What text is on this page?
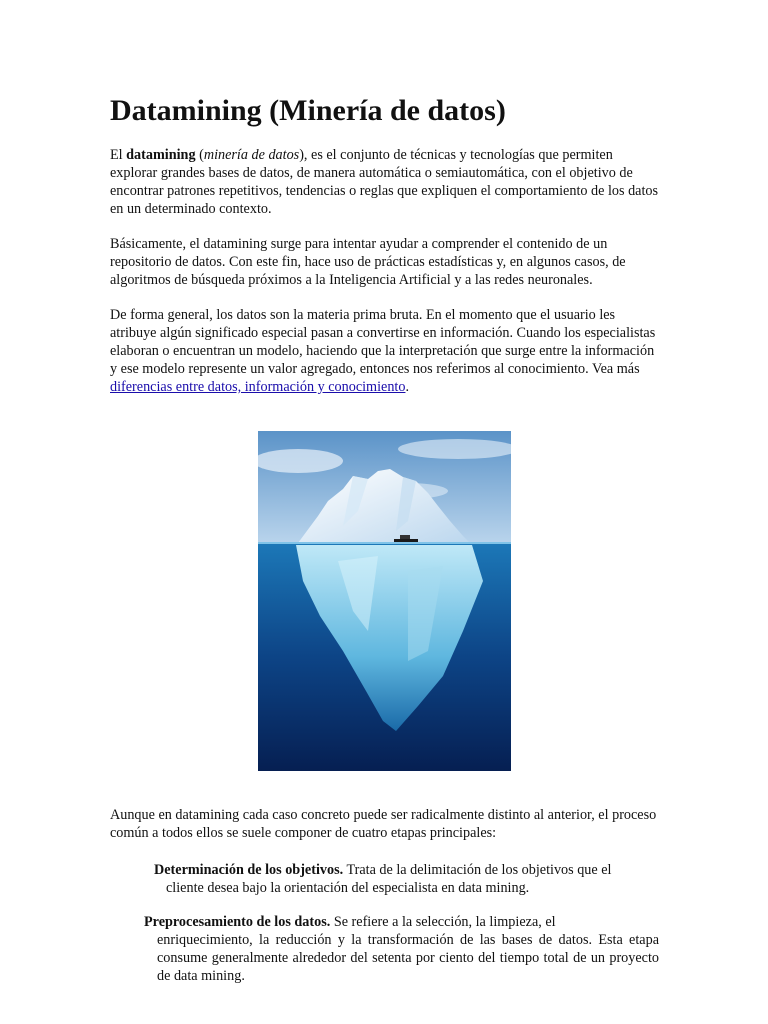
Datamining (Minería de datos)

El datamining (minería de datos), es el conjunto de técnicas y tecnologías que permiten explorar grandes bases de datos, de manera automática o semiautomática, con el objetivo de encontrar patrones repetitivos, tendencias o reglas que expliquen el comportamiento de los datos en un determinado contexto.

Básicamente, el datamining surge para intentar ayudar a comprender el contenido de un repositorio de datos. Con este fin, hace uso de prácticas estadísticas y, en algunos casos, de algoritmos de búsqueda próximos a la Inteligencia Artificial y a las redes neuronales.

De forma general, los datos son la materia prima bruta. En el momento que el usuario les atribuye algún significado especial pasan a convertirse en información. Cuando los especialistas elaboran o encuentran un modelo, haciendo que la interpretación que surge entre la información y ese modelo represente un valor agregado, entonces nos referimos al conocimiento. Vea más diferencias entre datos, información y conocimiento.

Aunque en datamining cada caso concreto puede ser radicalmente distinto al anterior, el proceso común a todos ellos se suele componer de cuatro etapas principales:

Determinación de los objetivos. Trata de la delimitación de los objetivos que el

cliente desea bajo la orientación del especialista en data mining.

Preprocesamiento de los datos. Se refiere a la selección, la limpieza, el

enriquecimiento, la reducción y la transformación de las bases de datos. Esta etapa consume generalmente alrededor del setenta por ciento del tiempo total de un proyecto de data mining.
